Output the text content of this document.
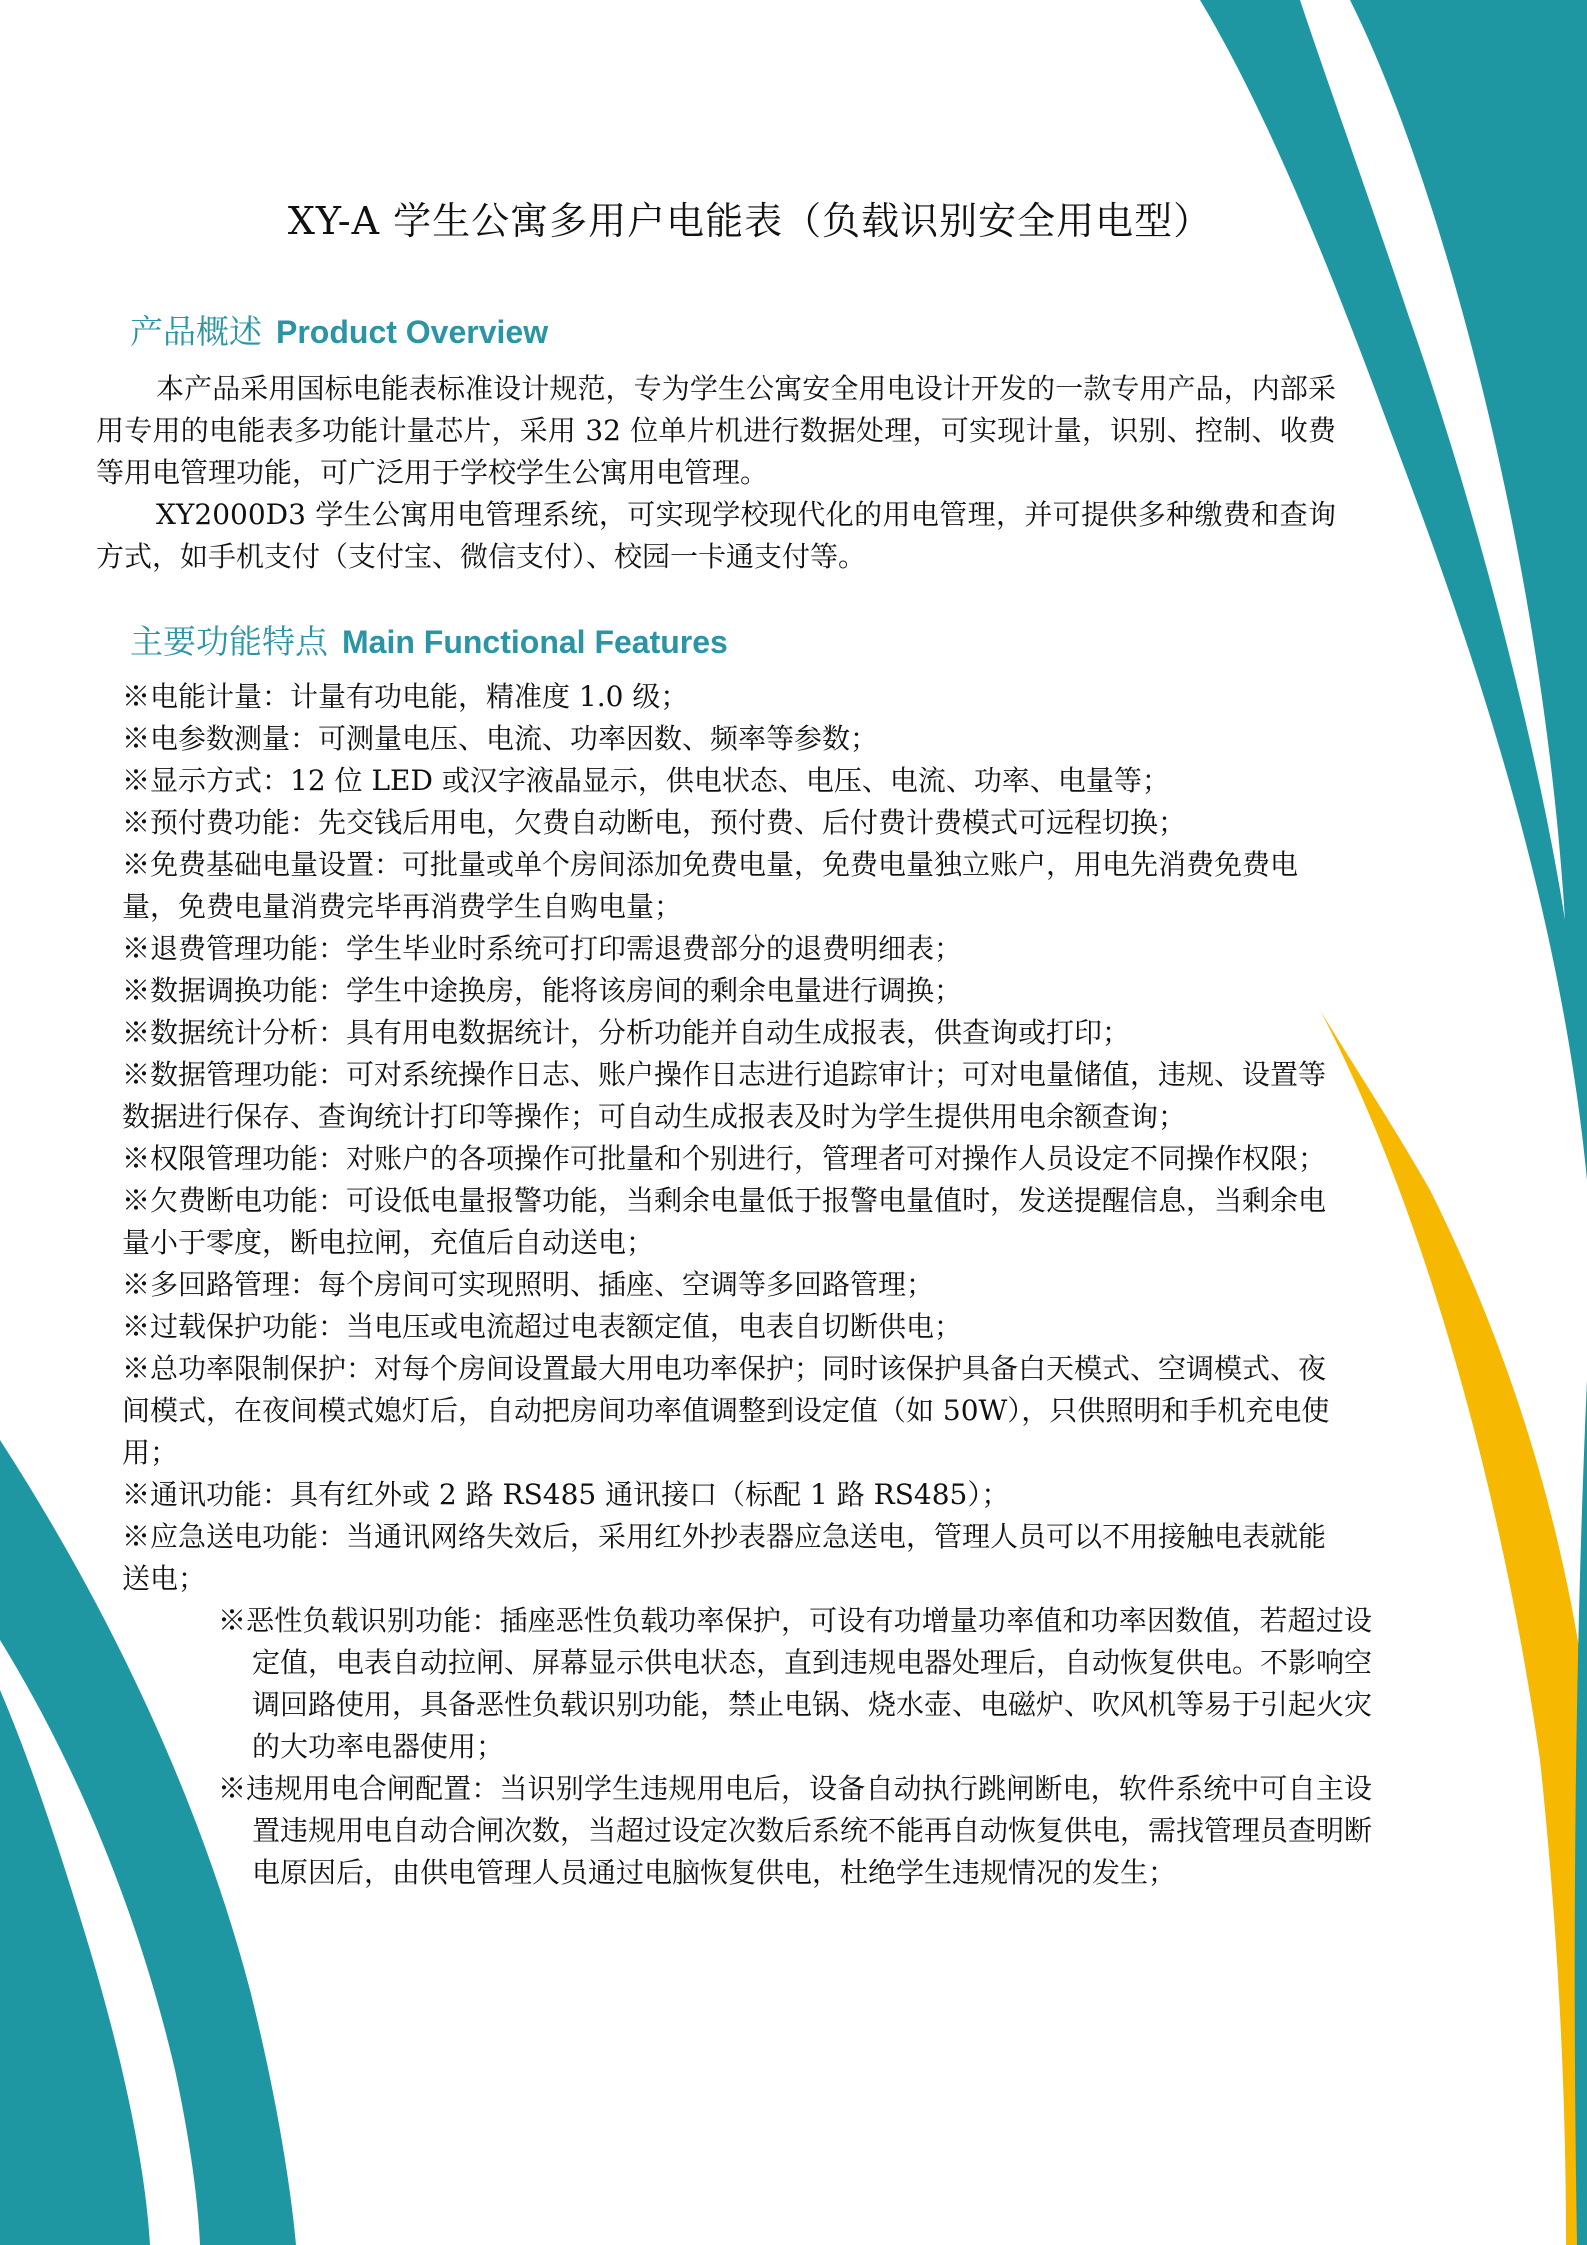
XY-A 学生公寓多用户电能表（负载识别安全用电型）
产品概述 Product Overview

本产品采用国标电能表标准设计规范，专为学生公寓安全用电设计开发的一款专用产品，内部采用专用的电能表多功能计量芯片，采用 32 位单片机进行数据处理，可实现计量，识别、控制、收费等用电管理功能，可广泛用于学校学生公寓用电管理。

XY2000D3 学生公寓用电管理系统，可实现学校现代化的用电管理，并可提供多种缴费和查询方式，如手机支付（支付宝、微信支付）、校园一卡通支付等。

主要功能特点 Main Functional Features
※电能计量：计量有功电能，精准度 1.0 级；
※电参数测量：可测量电压、电流、功率因数、频率等参数；
※显示方式：12 位 LED 或汉字液晶显示，供电状态、电压、电流、功率、电量等；
※预付费功能：先交钱后用电，欠费自动断电，预付费、后付费计费模式可远程切换；
※免费基础电量设置：可批量或单个房间添加免费电量，免费电量独立账户，用电先消费免费电量，免费电量消费完毕再消费学生自购电量；
※退费管理功能：学生毕业时系统可打印需退费部分的退费明细表；
※数据调换功能：学生中途换房，能将该房间的剩余电量进行调换；
※数据统计分析：具有用电数据统计，分析功能并自动生成报表，供查询或打印；
※数据管理功能：可对系统操作日志、账户操作日志进行追踪审计；可对电量储值，违规、设置等数据进行保存、查询统计打印等操作；可自动生成报表及时为学生提供用电余额查询；
※权限管理功能：对账户的各项操作可批量和个别进行，管理者可对操作人员设定不同操作权限；
※欠费断电功能：可设低电量报警功能，当剩余电量低于报警电量值时，发送提醒信息，当剩余电量小于零度，断电拉闸，充值后自动送电；
※多回路管理：每个房间可实现照明、插座、空调等多回路管理；
※过载保护功能：当电压或电流超过电表额定值，电表自切断供电；
※总功率限制保护：对每个房间设置最大用电功率保护；同时该保护具备白天模式、空调模式、夜间模式，在夜间模式媳灯后，自动把房间功率值调整到设定值（如 50W），只供照明和手机充电使用；
※通讯功能：具有红外或 2 路 RS485 通讯接口（标配 1 路 RS485）；
※应急送电功能：当通讯网络失效后，采用红外抄表器应急送电，管理人员可以不用接触电表就能送电；
※恶性负载识别功能：插座恶性负载功率保护，可设有功增量功率值和功率因数值，若超过设定值，电表自动拉闸、屏幕显示供电状态，直到违规电器处理后，自动恢复供电。不影响空调回路使用，具备恶性负载识别功能，禁止电锅、烧水壶、电磁炉、吹风机等易于引起火灾的大功率电器使用；
※违规用电合闸配置：当识别学生违规用电后，设备自动执行跳闸断电，软件系统中可自主设置违规用电自动合闸次数，当超过设定次数后系统不能再自动恢复供电，需找管理员查明断电原因后，由供电管理人员通过电脑恢复供电，杜绝学生违规情况的发生；
